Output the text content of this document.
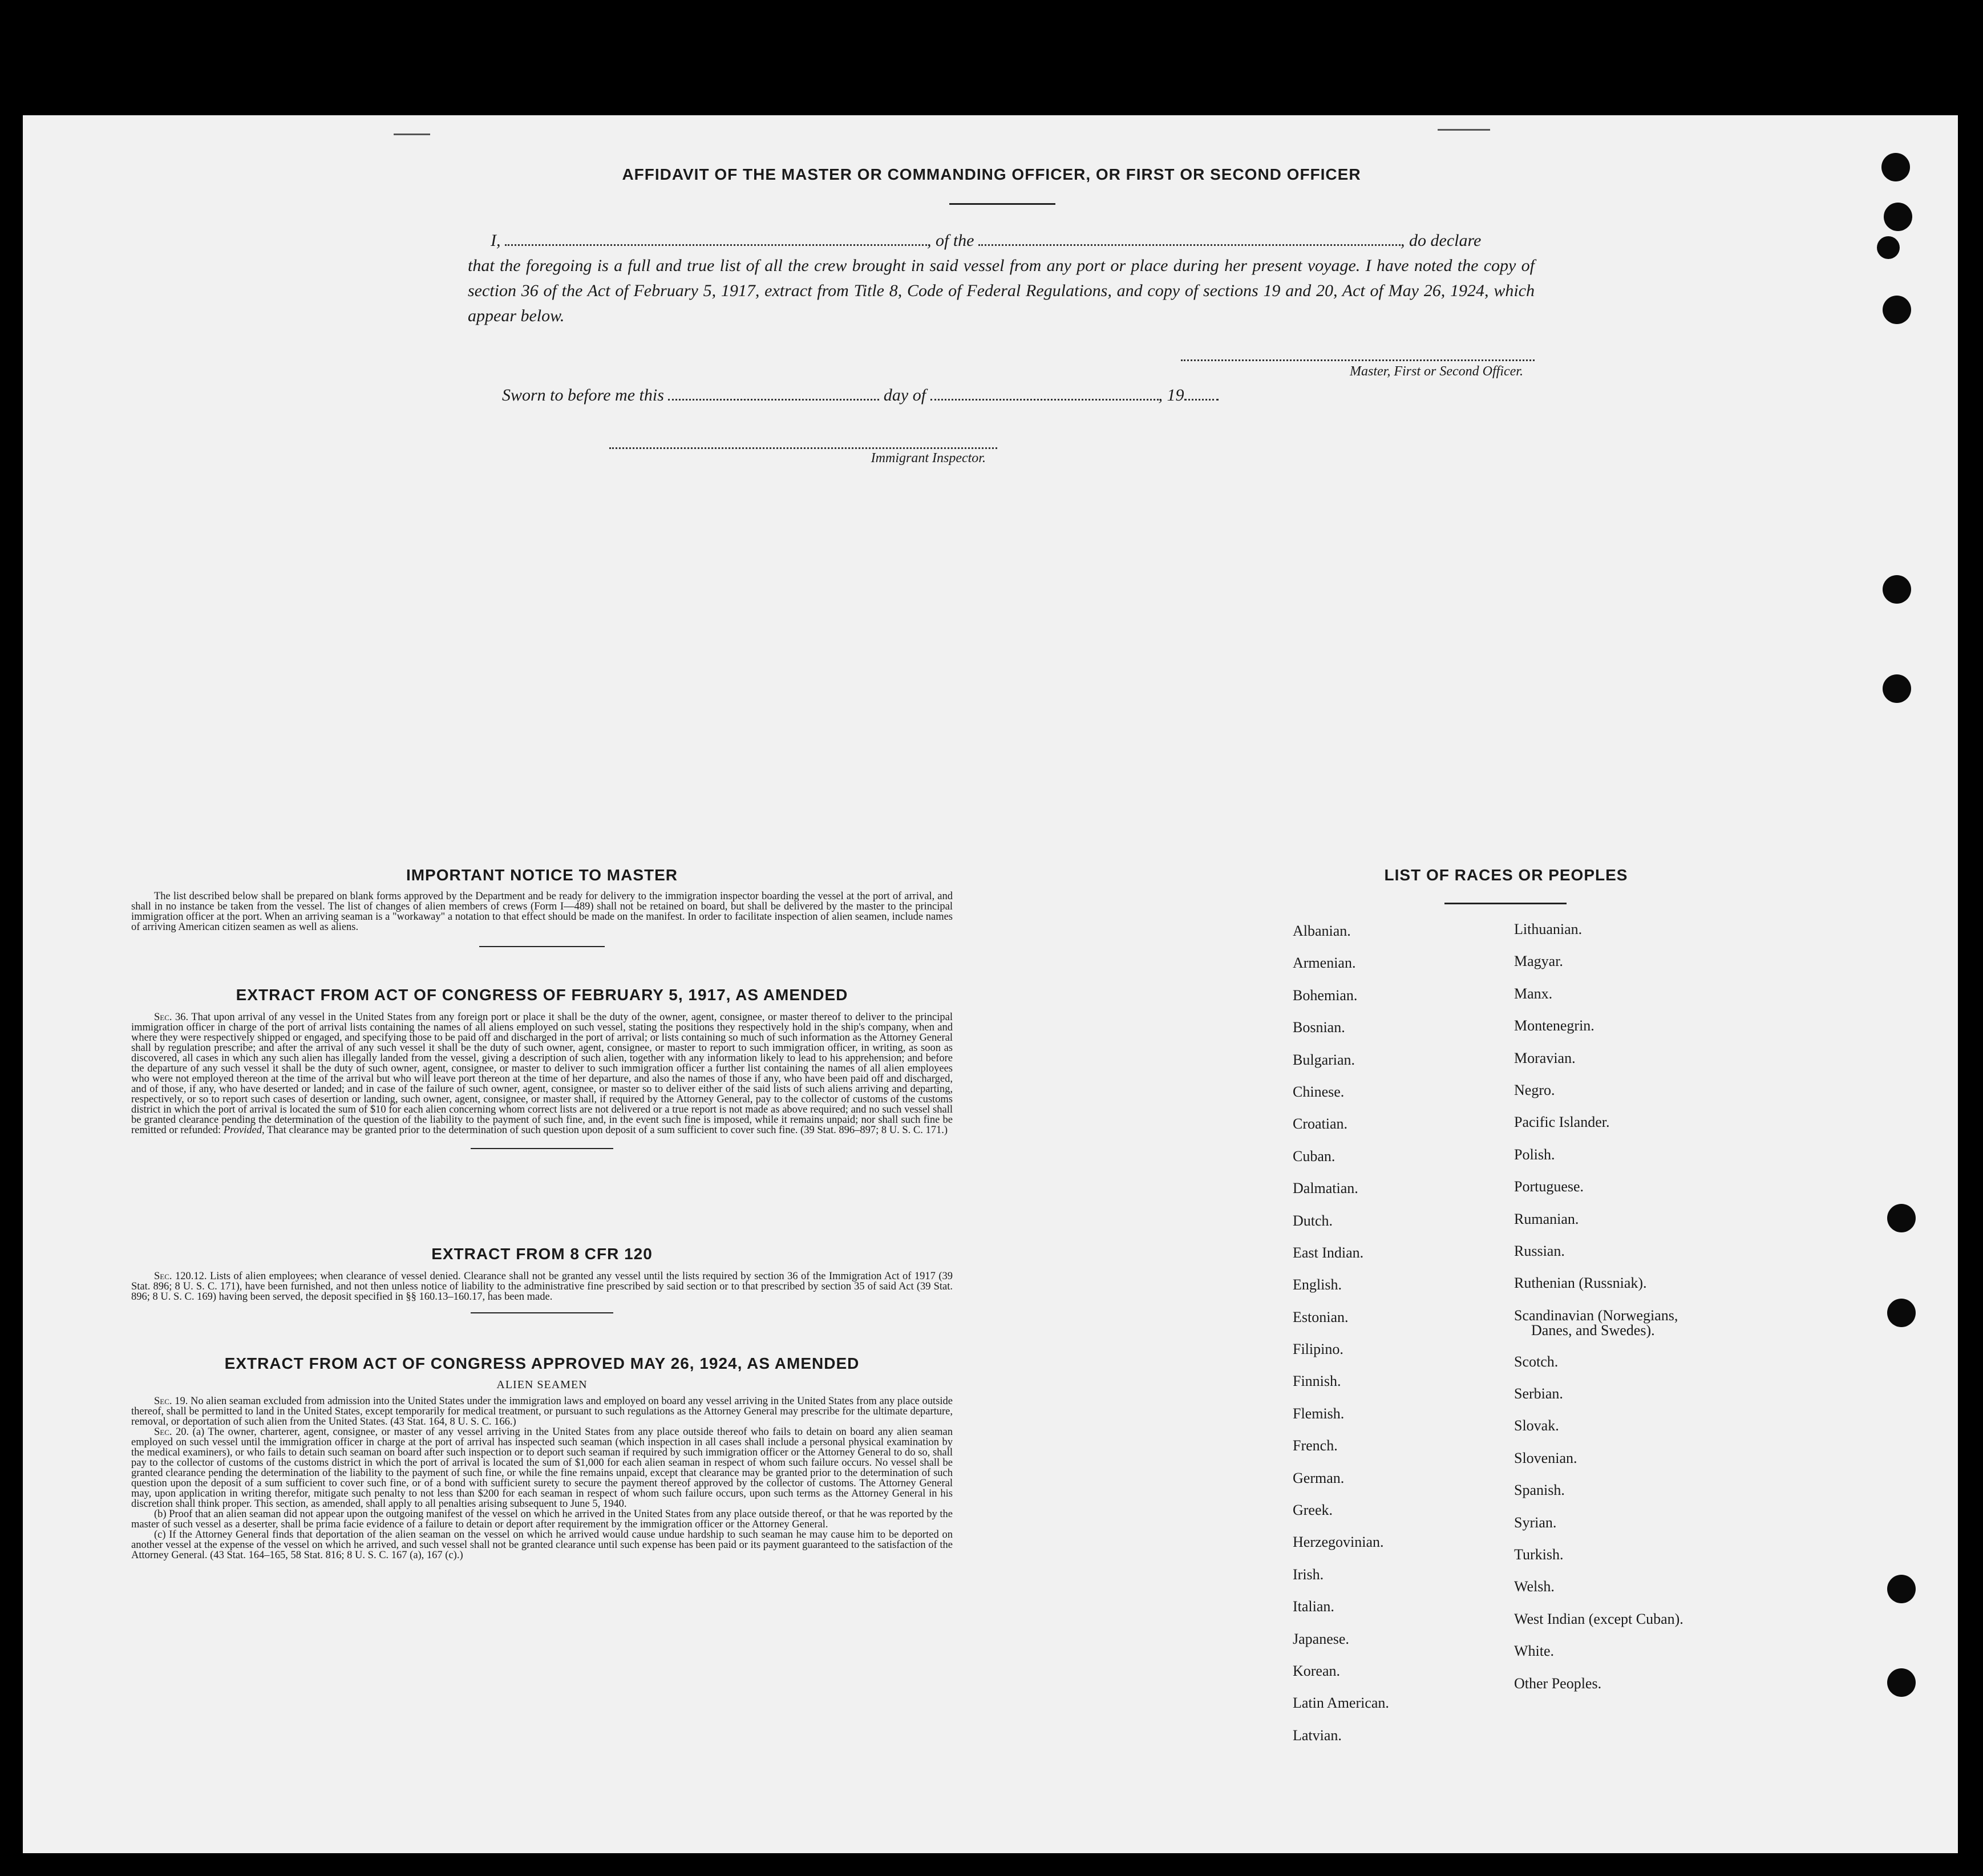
AFFIDAVIT OF THE MASTER OR COMMANDING OFFICER, OR FIRST OR SECOND OFFICER
I,	, of the	, do declare
that the foregoing is a full and true list of all the crew brought in said vessel from any port or place during her present voyage. I have noted the copy of section 36 of the Act of February 5, 1917, extract from Title 8, Code of Federal Regulations, and copy of sections 19 and 20, Act of May 26, 1924, which appear below.
Master, First or Second Officer.
Sworn to before me this	day of	, 19
Immigrant Inspector.
IMPORTANT NOTICE TO MASTER
The list described below shall be prepared on blank forms approved by the Department and be ready for delivery to the immigration inspector boarding the vessel at the port of arrival, and shall in no instance be taken from the vessel. The list of changes of alien members of crews (Form I—489) shall not be retained on board, but shall be delivered by the master to the principal immigration officer at the port. When an arriving seaman is a "workaway" a notation to that effect should be made on the manifest. In order to facilitate inspection of alien seamen, include names of arriving American citizen seamen as well as aliens.
EXTRACT FROM ACT OF CONGRESS OF FEBRUARY 5, 1917, AS AMENDED
Sec. 36. That upon arrival of any vessel in the United States from any foreign port or place it shall be the duty of the owner, agent, consignee, or master thereof to deliver to the principal immigration officer in charge of the port of arrival lists containing the names of all aliens employed on such vessel, stating the positions they respectively hold in the ship's company, when and where they were respectively shipped or engaged, and specifying those to be paid off and discharged in the port of arrival; or lists containing so much of such information as the Attorney General shall by regulation prescribe; and after the arrival of any such vessel it shall be the duty of such owner, agent, consignee, or master to report to such immigration officer, in writing, as soon as discovered, all cases in which any such alien has illegally landed from the vessel, giving a description of such alien, together with any information likely to lead to his apprehension; and before the departure of any such vessel it shall be the duty of such owner, agent, consignee, or master to deliver to such immigration officer a further list containing the names of all alien employees who were not employed thereon at the time of the arrival but who will leave port thereon at the time of her departure, and also the names of those if any, who have been paid off and discharged, and of those, if any, who have deserted or landed; and in case of the failure of such owner, agent, consignee, or master so to deliver either of the said lists of such aliens arriving and departing, respectively, or so to report such cases of desertion or landing, such owner, agent, consignee, or master shall, if required by the Attorney General, pay to the collector of customs of the customs district in which the port of arrival is located the sum of $10 for each alien concerning whom correct lists are not delivered or a true report is not made as above required; and no such vessel shall be granted clearance pending the determination of the question of the liability to the payment of such fine, and, in the event such fine is imposed, while it remains unpaid; nor shall such fine be remitted or refunded: Provided, That clearance may be granted prior to the determination of such question upon deposit of a sum sufficient to cover such fine. (39 Stat. 896–897; 8 U. S. C. 171.)
EXTRACT FROM 8 CFR 120
Sec. 120.12. Lists of alien employees; when clearance of vessel denied. Clearance shall not be granted any vessel until the lists required by section 36 of the Immigration Act of 1917 (39 Stat. 896; 8 U. S. C. 171), have been furnished, and not then unless notice of liability to the administrative fine prescribed by said section or to that prescribed by section 35 of said Act (39 Stat. 896; 8 U. S. C. 169) having been served, the deposit specified in §§ 160.13–160.17, has been made.
EXTRACT FROM ACT OF CONGRESS APPROVED MAY 26, 1924, AS AMENDED
ALIEN SEAMEN
Sec. 19. No alien seaman excluded from admission into the United States under the immigration laws and employed on board any vessel arriving in the United States from any place outside thereof, shall be permitted to land in the United States, except temporarily for medical treatment, or pursuant to such regulations as the Attorney General may prescribe for the ultimate departure, removal, or deportation of such alien from the United States. (43 Stat. 164, 8 U. S. C. 166.)
Sec. 20. (a) The owner, charterer, agent, consignee, or master of any vessel arriving in the United States from any place outside thereof who fails to detain on board any alien seaman employed on such vessel until the immigration officer in charge at the port of arrival has inspected such seaman (which inspection in all cases shall include a personal physical examination by the medical examiners), or who fails to detain such seaman on board after such inspection or to deport such seaman if required by such immigration officer or the Attorney General to do so, shall pay to the collector of customs of the customs district in which the port of arrival is located the sum of $1,000 for each alien seaman in respect of whom such failure occurs. No vessel shall be granted clearance pending the determination of the liability to the payment of such fine, or while the fine remains unpaid, except that clearance may be granted prior to the determination of such question upon the deposit of a sum sufficient to cover such fine, or of a bond with sufficient surety to secure the payment thereof approved by the collector of customs. The Attorney General may, upon application in writing therefor, mitigate such penalty to not less than $200 for each seaman in respect of whom such failure occurs, upon such terms as the Attorney General in his discretion shall think proper. This section, as amended, shall apply to all penalties arising subsequent to June 5, 1940.
(b) Proof that an alien seaman did not appear upon the outgoing manifest of the vessel on which he arrived in the United States from any place outside thereof, or that he was reported by the master of such vessel as a deserter, shall be prima facie evidence of a failure to detain or deport after requirement by the immigration officer or the Attorney General.
(c) If the Attorney General finds that deportation of the alien seaman on the vessel on which he arrived would cause undue hardship to such seaman he may cause him to be deported on another vessel at the expense of the vessel on which he arrived, and such vessel shall not be granted clearance until such expense has been paid or its payment guaranteed to the satisfaction of the Attorney General. (43 Stat. 164–165, 58 Stat. 816; 8 U. S. C. 167 (a), 167 (c).)
LIST OF RACES OR PEOPLES
Albanian.
Armenian.
Bohemian.
Bosnian.
Bulgarian.
Chinese.
Croatian.
Cuban.
Dalmatian.
Dutch.
East Indian.
English.
Estonian.
Filipino.
Finnish.
Flemish.
French.
German.
Greek.
Herzegovinian.
Irish.
Italian.
Japanese.
Korean.
Latin American.
Latvian.
Lithuanian.
Magyar.
Manx.
Montenegrin.
Moravian.
Negro.
Pacific Islander.
Polish.
Portuguese.
Rumanian.
Russian.
Ruthenian (Russniak).
Scandinavian (Norwegians,
Danes, and Swedes).
Scotch.
Serbian.
Slovak.
Slovenian.
Spanish.
Syrian.
Turkish.
Welsh.
West Indian (except Cuban).
White.
Other Peoples.
